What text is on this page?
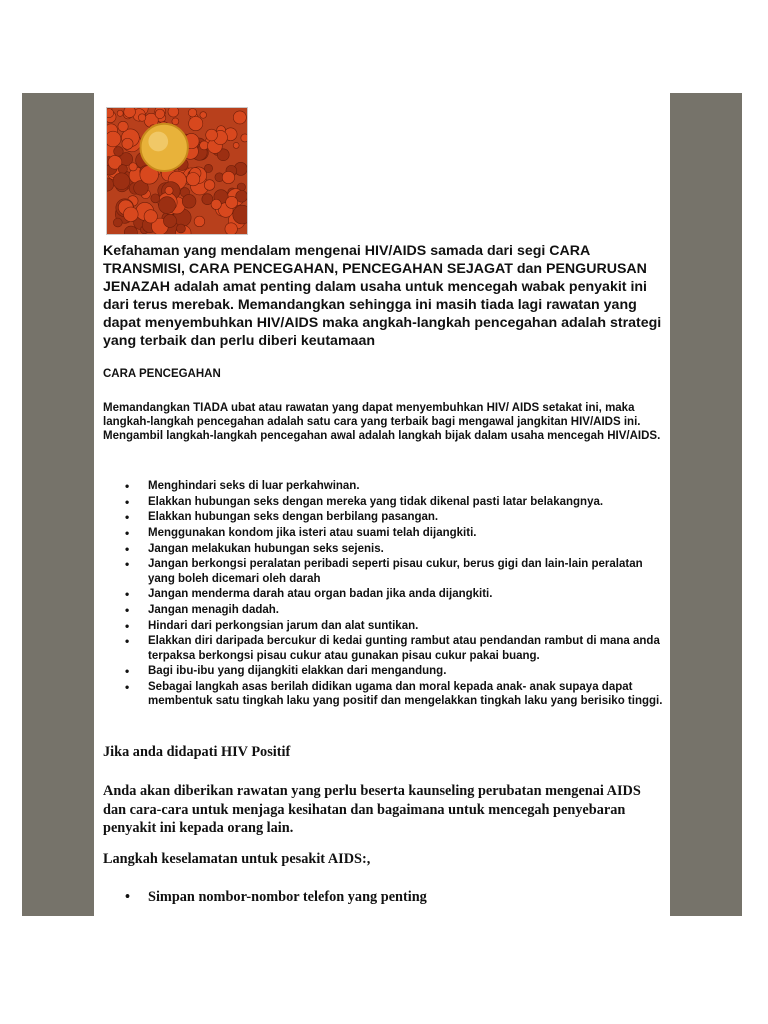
Kefahaman yang mendalam mengenai HIV/AIDS samada dari segi CARA TRANSMISI, CARA PENCEGAHAN, PENCEGAHAN SEJAGAT dan PENGURUSAN JENAZAH adalah amat penting dalam usaha untuk mencegah wabak penyakit ini dari terus merebak. Memandangkan sehingga ini masih tiada lagi rawatan yang dapat menyembuhkan HIV/AIDS maka angkah-langkah pencegahan adalah strategi yang terbaik dan perlu diberi keutamaan

CARA PENCEGAHAN

Memandangkan TIADA ubat atau rawatan yang dapat menyembuhkan HIV/ AIDS setakat ini, maka langkah-langkah pencegahan adalah satu cara yang terbaik bagi mengawal jangkitan HIV/AIDS ini. Mengambil langkah-langkah pencegahan awal adalah langkah bijak dalam usaha mencegah HIV/AIDS.

• Menghindari seks di luar perkahwinan.
• Elakkan hubungan seks dengan mereka yang tidak dikenal pasti latar belakangnya.
• Elakkan hubungan seks dengan berbilang pasangan.
• Menggunakan kondom jika isteri atau suami telah dijangkiti.
• Jangan melakukan hubungan seks sejenis.
• Jangan berkongsi peralatan peribadi seperti pisau cukur, berus gigi dan lain-lain peralatan yang boleh dicemari oleh darah
• Jangan menderma darah atau organ badan jika anda dijangkiti.
• Jangan menagih dadah.
• Hindari dari perkongsian jarum dan alat suntikan.
• Elakkan diri daripada bercukur di kedai gunting rambut atau pendandan rambut di mana anda terpaksa berkongsi pisau cukur atau gunakan pisau cukur pakai buang.
• Bagi ibu-ibu yang dijangkiti elakkan dari mengandung.
• Sebagai langkah asas berilah didikan ugama dan moral kepada anak- anak supaya dapat membentuk satu tingkah laku yang positif dan mengelakkan tingkah laku yang berisiko tinggi.
Jika anda didapati HIV Positif

Anda akan diberikan rawatan yang perlu beserta kaunseling perubatan mengenai AIDS dan cara-cara untuk menjaga kesihatan dan bagaimana untuk mencegah penyebaran penyakit ini kepada orang lain.

Langkah keselamatan untuk pesakit AIDS:,
• Simpan nombor-nombor telefon yang penting
